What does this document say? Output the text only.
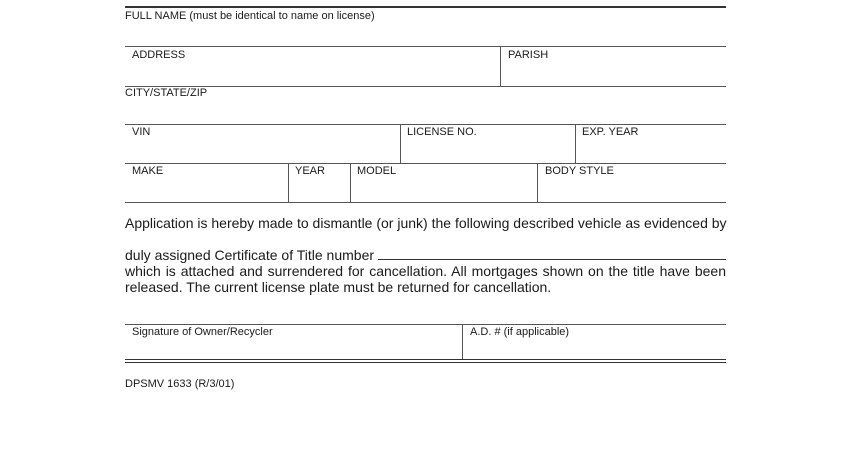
FULL NAME (must be identical to name on license)
ADDRESS	PARISH
CITY/STATE/ZIP
VIN	LICENSE NO.	EXP. YEAR
MAKE	YEAR	MODEL	BODY STYLE
Application is hereby made to dismantle (or junk) the following described vehicle as evidenced by
duly assigned Certificate of Title number
which is attached and surrendered for cancellation. All mortgages shown on the title have been released. The current license plate must be returned for cancellation.
Signature of Owner/Recycler	A.D. # (if applicable)
DPSMV 1633 (R/3/01)
